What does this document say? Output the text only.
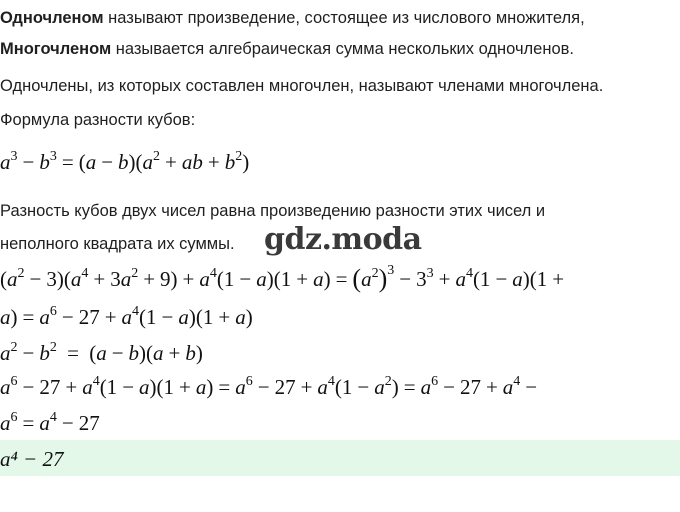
Одночленом называют произведение, состоящее из числового множителя,
Многочленом называется алгебраическая сумма нескольких одночленов.
Одночлены, из которых составлен многочлен, называют членами многочлена.
Формула разности кубов:
$a^3 - b^3 = (a - b)(a^2$ + ab + $b^2$)
Разность кубов двух чисел равна произведению разности этих чисел и
неполного квадрата их суммы. gdz.moda
$(a^2 - 3)(a^4 + 3a^2 + 9) + a^4(1 - a)(1 + a) = (a^2)^3 - 3^3 + a^4(1 - a)(1$ +
$a) = a^6 - 27 + a^4(1 - a)(1 + a)$
$a^2 - b^2 = (a - b)(a + b)$
$a^6 - 27 + a^4(1 - a)(1 + a) = a^6 - 27 + a^4(1 - a^2) = a^6 - 27 + a^4$ −
$a^6 = a^4 - 27$
a⁴ − 27
